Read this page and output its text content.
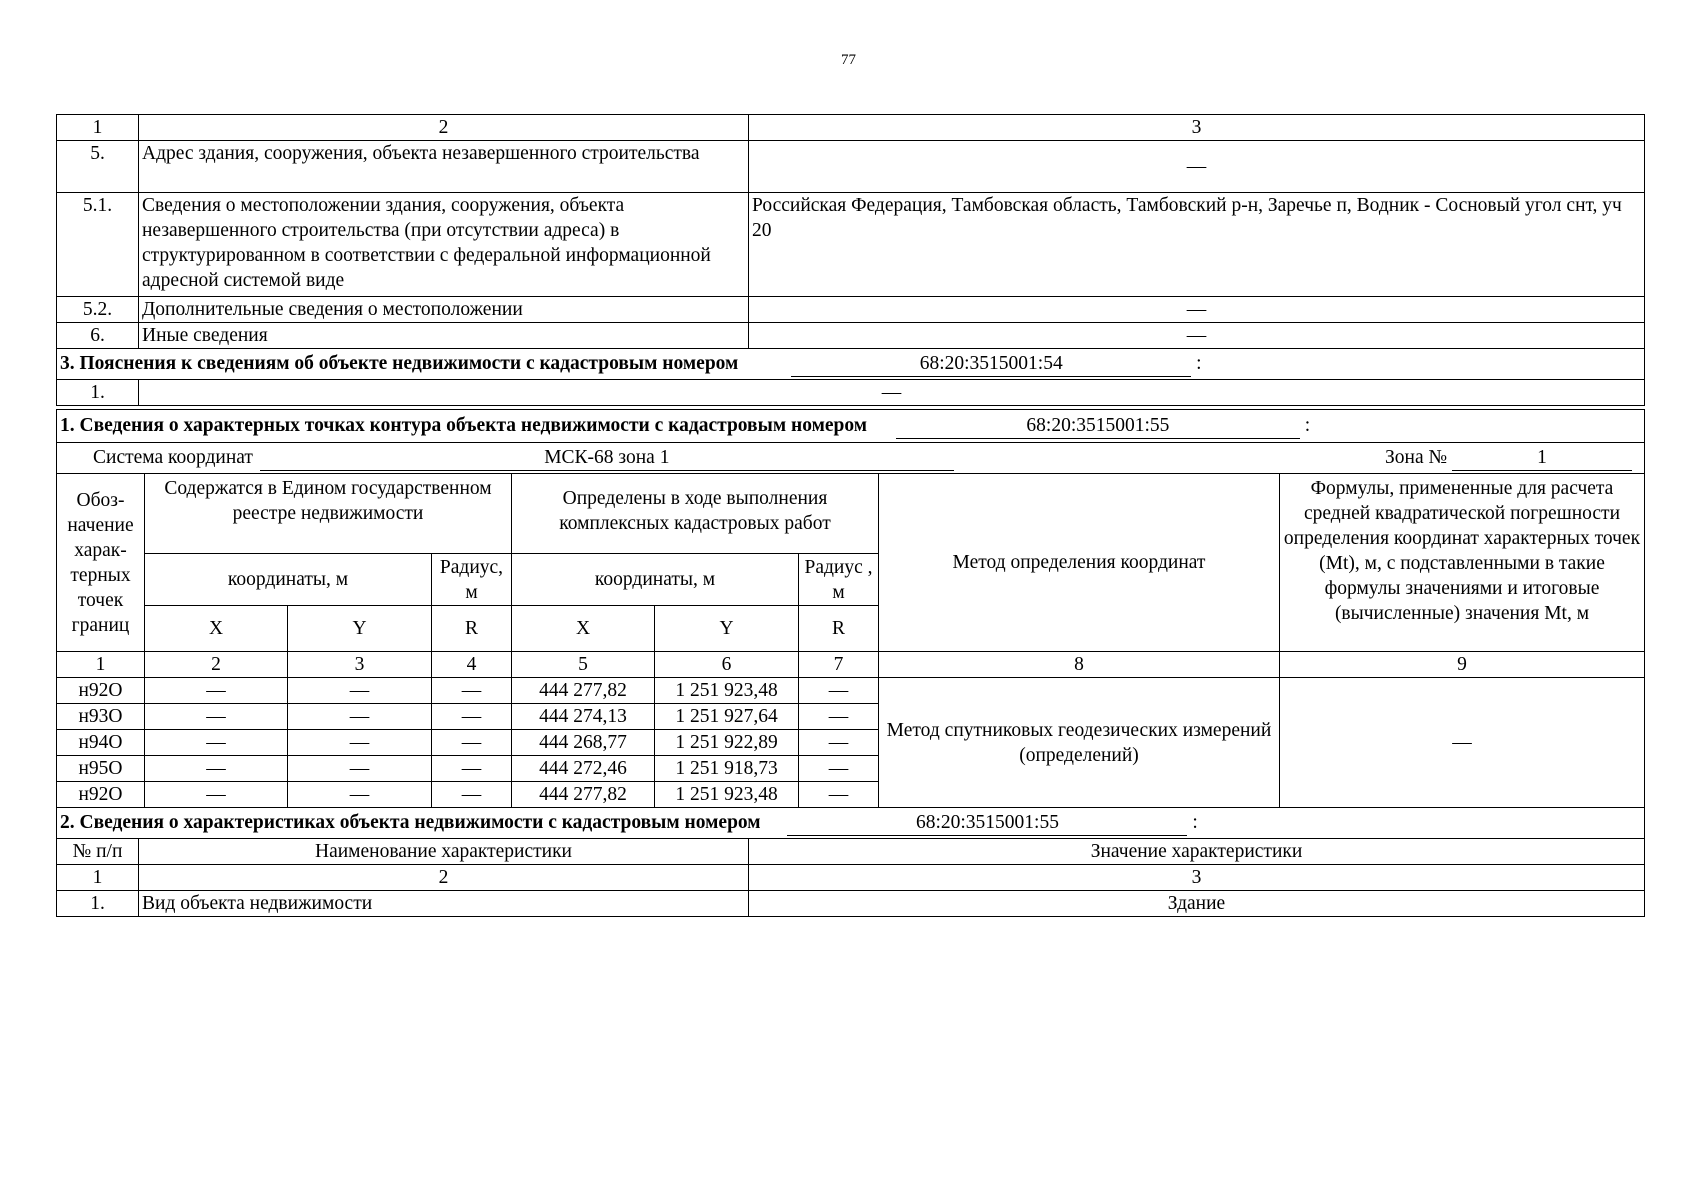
77
1	2	3
5.	Адрес здания, сооружения, объекта незавершенного строительства	—
5.1.	Сведения о местоположении здания, сооружения, объекта незавершенного строительства (при отсутствии адреса) в структурированном в соответствии с федеральной информационной адресной системой виде	Российская Федерация, Тамбовская область, Тамбовский р-н, Заречье п, Водник - Сосновый угол снт, уч 20
5.2.	Дополнительные сведения о местоположении	—
6.	Иные сведения	—
3. Пояснения к сведениям об объекте недвижимости с кадастровым номером 68:20:3515001:54 :		
1.	—	

1. Сведения о характерных точках контура объекта недвижимости с кадастровым номером 68:20:3515001:55 :								
Система координат МСК-68 зона 1 Зона № 1								

Обоз-начение харак-терных точек границ	Содержатся в Едином государственном реестре недвижимости			Определены в ходе выполнения комплексных кадастровых работ			Метод определения координат	Формулы, примененные для расчета средней квадратической погрешности определения координат характерных точек (Mt), м, с подставленными в такие формулы значениями и итоговые (вычисленные) значения Mt, м
	координаты, м		Радиус, м	координаты, м		Радиус , м		
	X	Y	R	X	Y	R		
1	2	3	4	5	6	7	8	9
н92О	—	—	—	444 277,82	1 251 923,48	—	Метод спутниковых геодезических измерений (определений)	—
н93О	—	—	—	444 274,13	1 251 927,64	—		
н94О	—	—	—	444 268,77	1 251 922,89	—		
н95О	—	—	—	444 272,46	1 251 918,73	—		
н92О	—	—	—	444 277,82	1 251 923,48	—		
2. Сведения о характеристиках объекта недвижимости с кадастровым номером 68:20:3515001:55 :		
№ п/п	Наименование характеристики	Значение характеристики
1	2	3
1.	Вид объекта недвижимости	Здание
